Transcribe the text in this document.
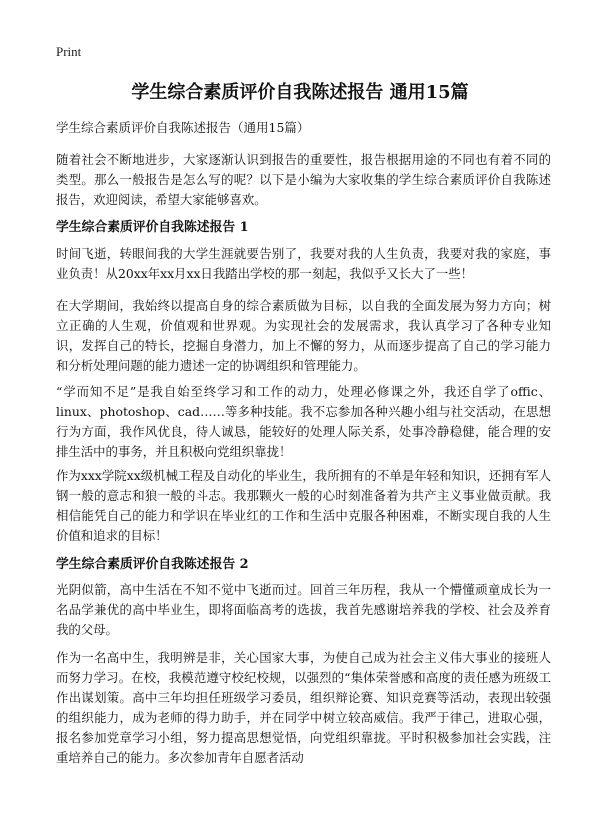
Print
学生综合素质评价自我陈述报告 通用15篇
学生综合素质评价自我陈述报告（通用15篇）

随着社会不断地进步，大家逐渐认识到报告的重要性，报告根据用途的不同也有着不同的类型。那么一般报告是怎么写的呢？以下是小编为大家收集的学生综合素质评价自我陈述报告，欢迎阅读，希望大家能够喜欢。

学生综合素质评价自我陈述报告 1

时间飞逝，转眼间我的大学生涯就要告别了，我要对我的人生负责，我要对我的家庭，事业负责！从20xx年xx月xx日我踏出学校的那一刻起，我似乎又长大了一些！

在大学期间，我始终以提高自身的综合素质做为目标，以自我的全面发展为努力方向；树立正确的人生观，价值观和世界观。为实现社会的发展需求，我认真学习了各种专业知识，发挥自己的特长，挖掘自身潜力，加上不懈的努力，从而逐步提高了自己的学习能力和分析处理问题的能力遗述一定的协调组织和管理能力。

“学而知不足”是我自始至终学习和工作的动力，处理必修课之外，我还自学了offic、linux、photoshop、cad……等多种技能。我不忘参加各种兴趣小组与社交活动，在思想行为方面，我作风优良，待人诚恳，能较好的处理人际关系，处事冷静稳健，能合理的安排生活中的事务，并且积极向党组织靠拢！

作为xxx学院xx级机械工程及自动化的毕业生，我所拥有的不单是年轻和知识，还拥有军人钢一般的意志和狼一般的斗志。我那颗火一般的心时刻准备着为共产主义事业做贡献。我相信能凭自己的能力和学识在毕业红的工作和生活中克服各种困难，不断实现自我的人生价值和追求的目标！

学生综合素质评价自我陈述报告 2

光阴似箭，高中生活在不知不觉中飞逝而过。回首三年历程，我从一个懵懂顽童成长为一名品学兼优的高中毕业生，即将面临高考的选拔，我首先感谢培养我的学校、社会及养育我的父母。

作为一名高中生，我明辨是非，关心国家大事，为使自己成为社会主义伟大事业的接班人而努力学习。在校，我模范遵守校纪校规，以强烈的“集体荣誉感和高度的责任感为班级工作出谋划策。高中三年均担任班级学习委员，组织辩论赛、知识竞赛等活动，表现出较强的组织能力，成为老师的得力助手，并在同学中树立较高威信。我严于律己，进取心强，报名参加党章学习小组，努力提高思想觉悟，向党组织靠拢。平时积极参加社会实践，注重培养自己的能力。多次参加青年自愿者活动
